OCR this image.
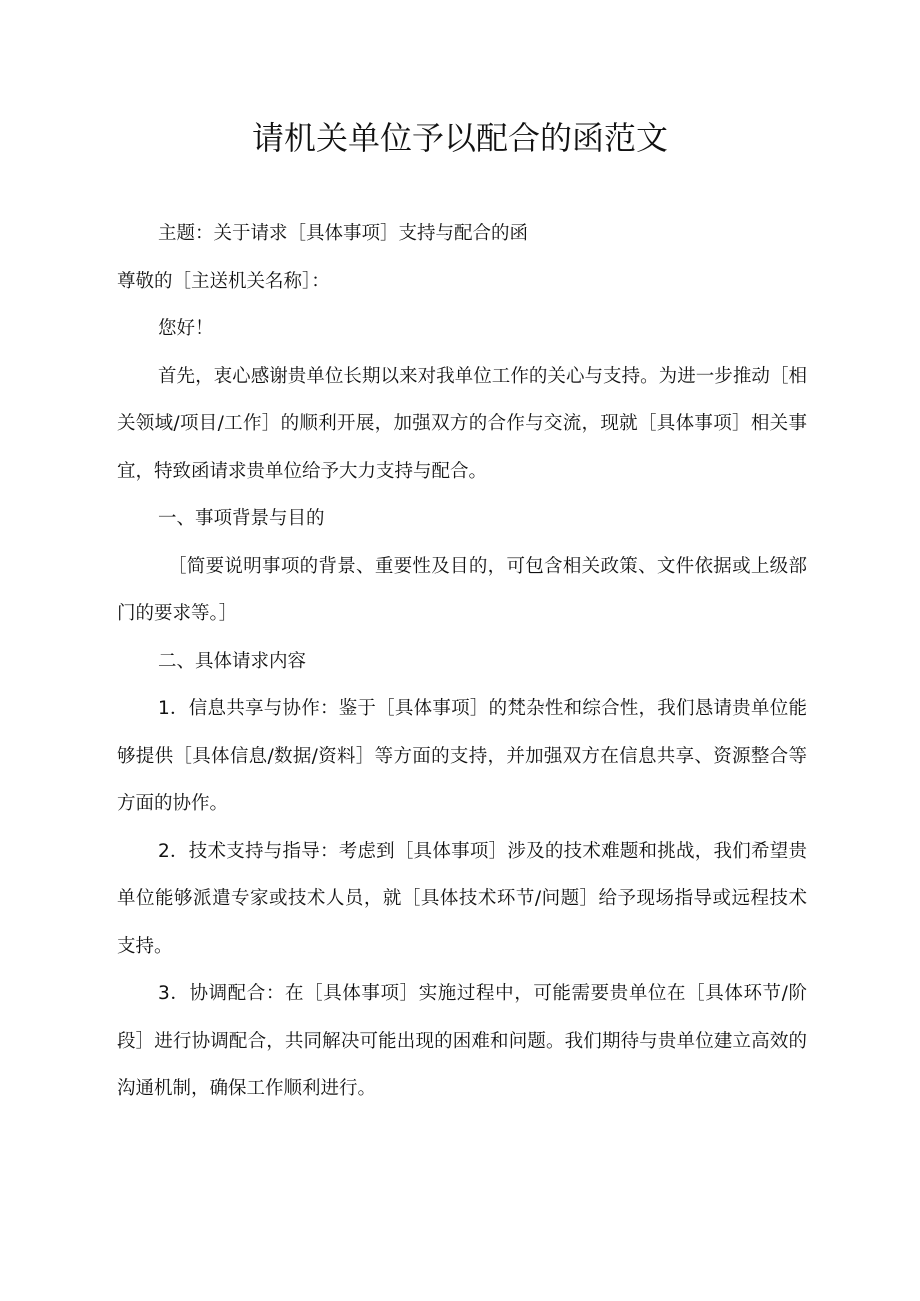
请机关单位予以配合的函范文

主题：关于请求［具体事项］支持与配合的函

尊敬的［主送机关名称］：

您好！

首先，衷心感谢贵单位长期以来对我单位工作的关心与支持。为进一步推动［相关领域/项目/工作］的顺利开展，加强双方的合作与交流，现就［具体事项］相关事宜，特致函请求贵单位给予大力支持与配合。

一、事项背景与目的

［简要说明事项的背景、重要性及目的，可包含相关政策、文件依据或上级部门的要求等。］

二、具体请求内容

1．信息共享与协作：鉴于［具体事项］的梵杂性和综合性，我们恳请贵单位能够提供［具体信息/数据/资料］等方面的支持，并加强双方在信息共享、资源整合等方面的协作。

2．技术支持与指导：考虑到［具体事项］涉及的技术难题和挑战，我们希望贵单位能够派遣专家或技术人员，就［具体技术环节/问题］给予现场指导或远程技术支持。

3．协调配合：在［具体事项］实施过程中，可能需要贵单位在［具体环节/阶段］进行协调配合，共同解决可能出现的困难和问题。我们期待与贵单位建立高效的沟通机制，确保工作顺利进行。
